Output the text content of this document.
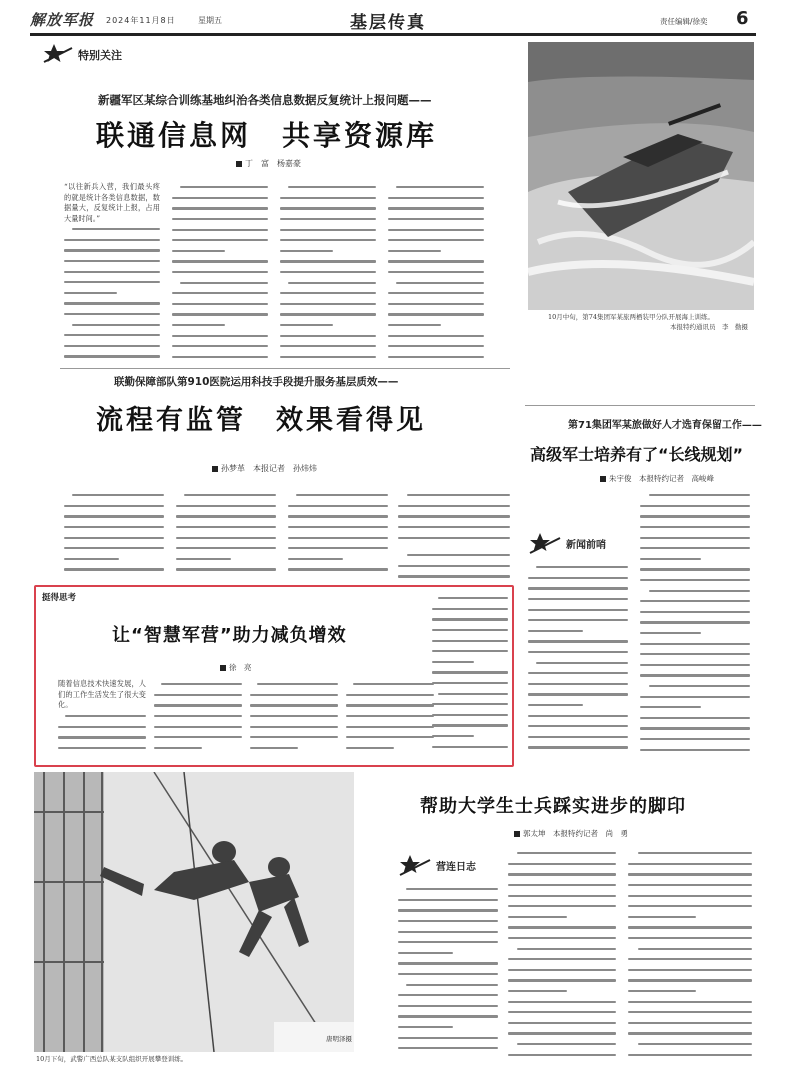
解放军报 2024年11月8日	星期五	基层传真	责任编辑/徐奕 6
特别关注
新疆军区某综合训练基地纠治各类信息数据反复统计上报问题——
联通信息网　共享资源库
丁　富　杨嘉豪
“以往新兵入营，我们最头疼的就是统计各类信息数据，数据量大，反复统计上报，占用大量时间。”
10月中旬，第74集团军某旅两栖装甲分队开展海上训练。
本报特约通讯员　李　勤摄
联勤保障部队第910医院运用科技手段提升服务基层质效——
流程有监管　效果看得见
孙梦革　本报记者　孙炜炜
第71集团军某旅做好人才选育保留工作——
高级军士培养有了“长线规划”
朱宇俊　本报特约记者　高峻峰
新闻前哨
挺得思考
让“智慧军营”助力减负增效
徐　亮
随着信息技术快速发展，人们的工作生活发生了很大变化。
唐明泽摄
10月下旬，武警广西总队某支队组织开展攀登训练。
帮助大学生士兵踩实进步的脚印
郭太坤　本报特约记者　尚　勇
营连日志
